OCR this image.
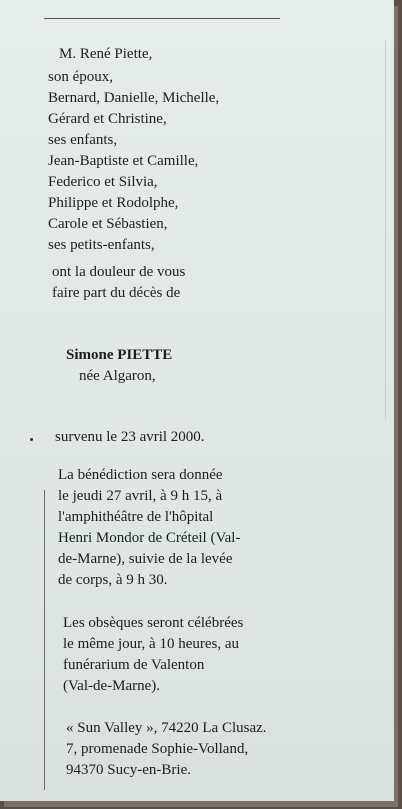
M. René Piette,
son époux,
Bernard, Danielle, Michelle,
Gérard et Christine,
ses enfants,
Jean-Baptiste et Camille,
Federico et Silvia,
Philippe et Rodolphe,
Carole et Sébastien,
ses petits-enfants,
ont la douleur de vous
faire part du décès de
Simone PIETTE
née Algaron,
survenu le 23 avril 2000.
La bénédiction sera donnée
le jeudi 27 avril, à 9 h 15, à
l'amphithéâtre de l'hôpital
Henri Mondor de Créteil (Val-
de-Marne), suivie de la levée
de corps, à 9 h 30.
Les obsèques seront célébrées
le même jour, à 10 heures, au
funérarium de Valenton
(Val-de-Marne).
« Sun Valley », 74220 La Clusaz.
7, promenade Sophie-Volland,
94370 Sucy-en-Brie.
